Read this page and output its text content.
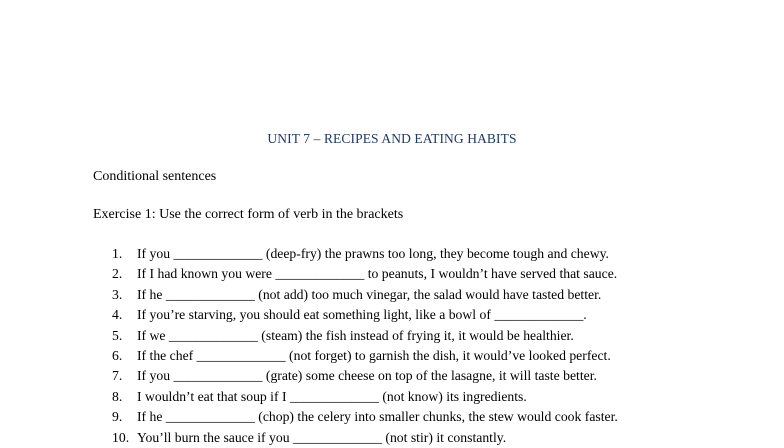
UNIT 7 – RECIPES AND EATING HABITS
Conditional sentences
Exercise 1: Use the correct form of verb in the brackets
1. If you _____________ (deep-fry) the prawns too long, they become tough and chewy.
2. If I had known you were _____________ to peanuts, I wouldn’t have served that sauce.
3. If he _____________ (not add) too much vinegar, the salad would have tasted better.
4. If you’re starving, you should eat something light, like a bowl of _____________.
5. If we _____________ (steam) the fish instead of frying it, it would be healthier.
6. If the chef _____________ (not forget) to garnish the dish, it would’ve looked perfect.
7. If you _____________ (grate) some cheese on top of the lasagne, it will taste better.
8. I wouldn’t eat that soup if I _____________ (not know) its ingredients.
9. If he _____________ (chop) the celery into smaller chunks, the stew would cook faster.
10. You’ll burn the sauce if you _____________ (not stir) it constantly.
